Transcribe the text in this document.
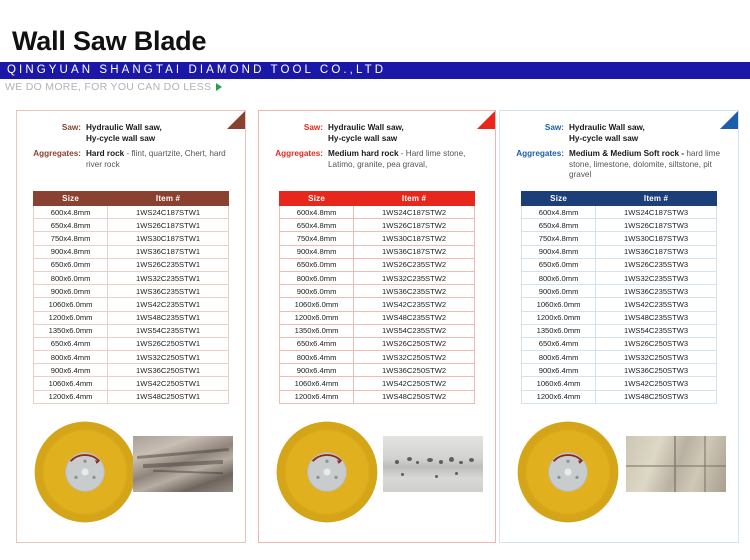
Wall Saw Blade
QINGYUAN SHANGTAI DIAMOND TOOL CO.,LTD
WE DO MORE, FOR YOU CAN DO LESS
Saw: Hydraulic Wall saw,
Hy-cycle wall saw
Aggregates: Hard rock - flint, quartzite, Chert, hard river rock
Size	Item #
600x4.8mm	1WS24C187STW1
650x4.8mm	1WS26C187STW1
750x4.8mm	1WS30C187STW1
900x4.8mm	1WS36C187STW1
650x6.0mm	1WS26C235STW1
800x6.0mm	1WS32C235STW1
900x6.0mm	1WS36C235STW1
1060x6.0mm	1WS42C235STW1
1200x6.0mm	1WS48C235STW1
1350x6.0mm	1WS54C235STW1
650x6.4mm	1WS26C250STW1
800x6.4mm	1WS32C250STW1
900x6.4mm	1WS36C250STW1
1060x6.4mm	1WS42C250STW1
1200x6.4mm	1WS48C250STW1
Saw: Hydraulic Wall saw,
Hy-cycle wall saw
Aggregates: Medium hard rock - Hard lime stone, Latimo, granite, pea graval,
Size	Item #
600x4.8mm	1WS24C187STW2
650x4.8mm	1WS26C187STW2
750x4.8mm	1WS30C187STW2
900x4.8mm	1WS36C187STW2
650x6.0mm	1WS26C235STW2
800x6.0mm	1WS32C235STW2
900x6.0mm	1WS36C235STW2
1060x6.0mm	1WS42C235STW2
1200x6.0mm	1WS48C235STW2
1350x6.0mm	1WS54C235STW2
650x6.4mm	1WS26C250STW2
800x6.4mm	1WS32C250STW2
900x6.4mm	1WS36C250STW2
1060x6.4mm	1WS42C250STW2
1200x6.4mm	1WS48C250STW2
Saw: Hydraulic Wall saw,
Hy-cycle wall saw
Aggregates: Medium & Medium Soft rock - hard lime stone, limestone, dolomite, siltstone, pit gravel
Size	Item #
600x4.8mm	1WS24C187STW3
650x4.8mm	1WS26C187STW3
750x4.8mm	1WS30C187STW3
900x4.8mm	1WS36C187STW3
650x6.0mm	1WS26C235STW3
800x6.0mm	1WS32C235STW3
900x6.0mm	1WS36C235STW3
1060x6.0mm	1WS42C235STW3
1200x6.0mm	1WS48C235STW3
1350x6.0mm	1WS54C235STW3
650x6.4mm	1WS26C250STW3
800x6.4mm	1WS32C250STW3
900x6.4mm	1WS36C250STW3
1060x6.4mm	1WS42C250STW3
1200x6.4mm	1WS48C250STW3
